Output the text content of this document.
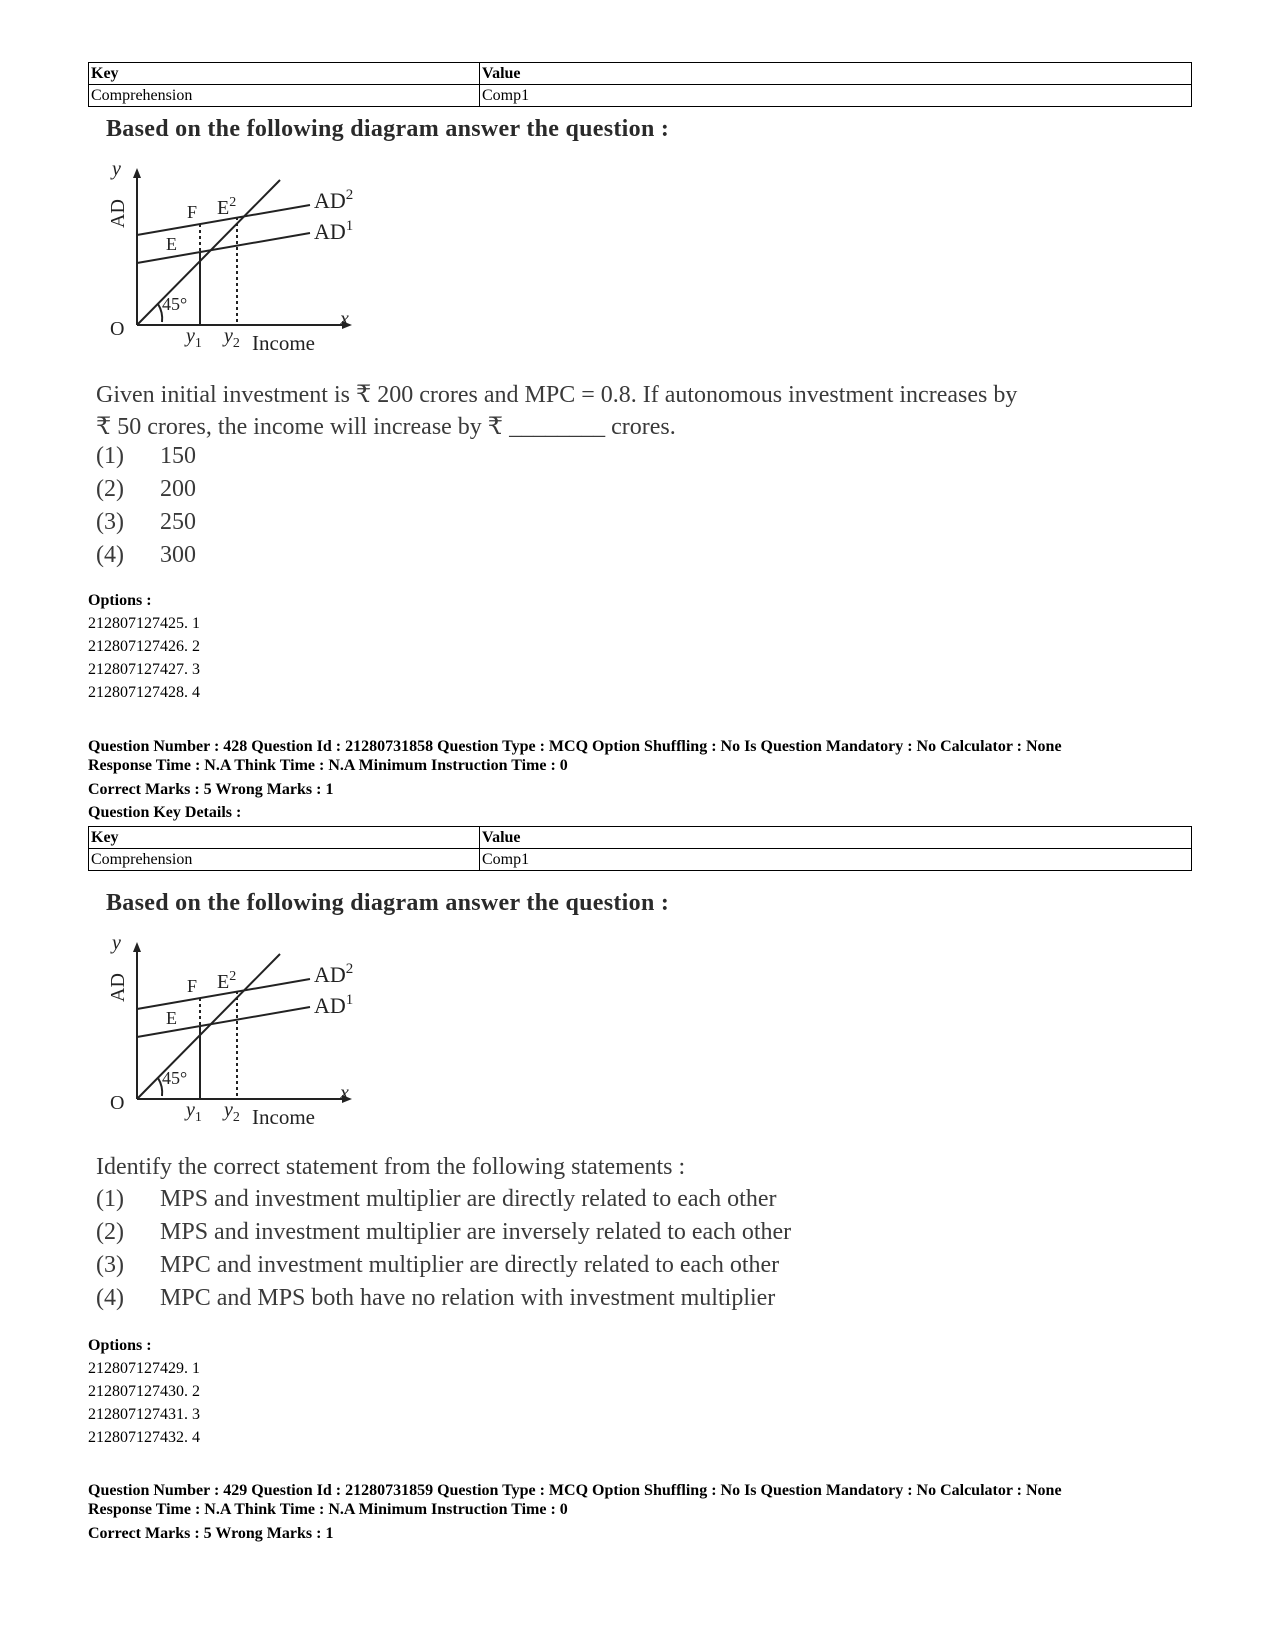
Key	Value
Comprehension	Comp1
Based on the following diagram answer the question :
y
AD
O	x
45°
F
E
$E^2$	$AD^2$
$AD^1$
$y_1$ $y_2$ Income
Given initial investment is ₹ 200 crores and MPC = 0.8. If autonomous investment increases by
₹ 50 crores, the income will increase by ₹ ________ crores.
(1) 150
(2) 200
(3) 250
(4) 300
Options :
212807127425. 1
212807127426. 2
212807127427. 3
212807127428. 4
Question Number : 428 Question Id : 21280731858 Question Type : MCQ Option Shuffling : No Is Question Mandatory : No Calculator : None
Response Time : N.A Think Time : N.A Minimum Instruction Time : 0
Correct Marks : 5 Wrong Marks : 1
Question Key Details :
Key	Value
Comprehension	Comp1
Based on the following diagram answer the question :
y
AD
O	x
45°
F
E
$E^2$	$AD^2$
$AD^1$
$y_1$ $y_2$ Income
Identify the correct statement from the following statements :
(1) MPS and investment multiplier are directly related to each other
(2) MPS and investment multiplier are inversely related to each other
(3) MPC and investment multiplier are directly related to each other
(4) MPC and MPS both have no relation with investment multiplier
Options :
212807127429. 1
212807127430. 2
212807127431. 3
212807127432. 4
Question Number : 429 Question Id : 21280731859 Question Type : MCQ Option Shuffling : No Is Question Mandatory : No Calculator : None
Response Time : N.A Think Time : N.A Minimum Instruction Time : 0
Correct Marks : 5 Wrong Marks : 1
